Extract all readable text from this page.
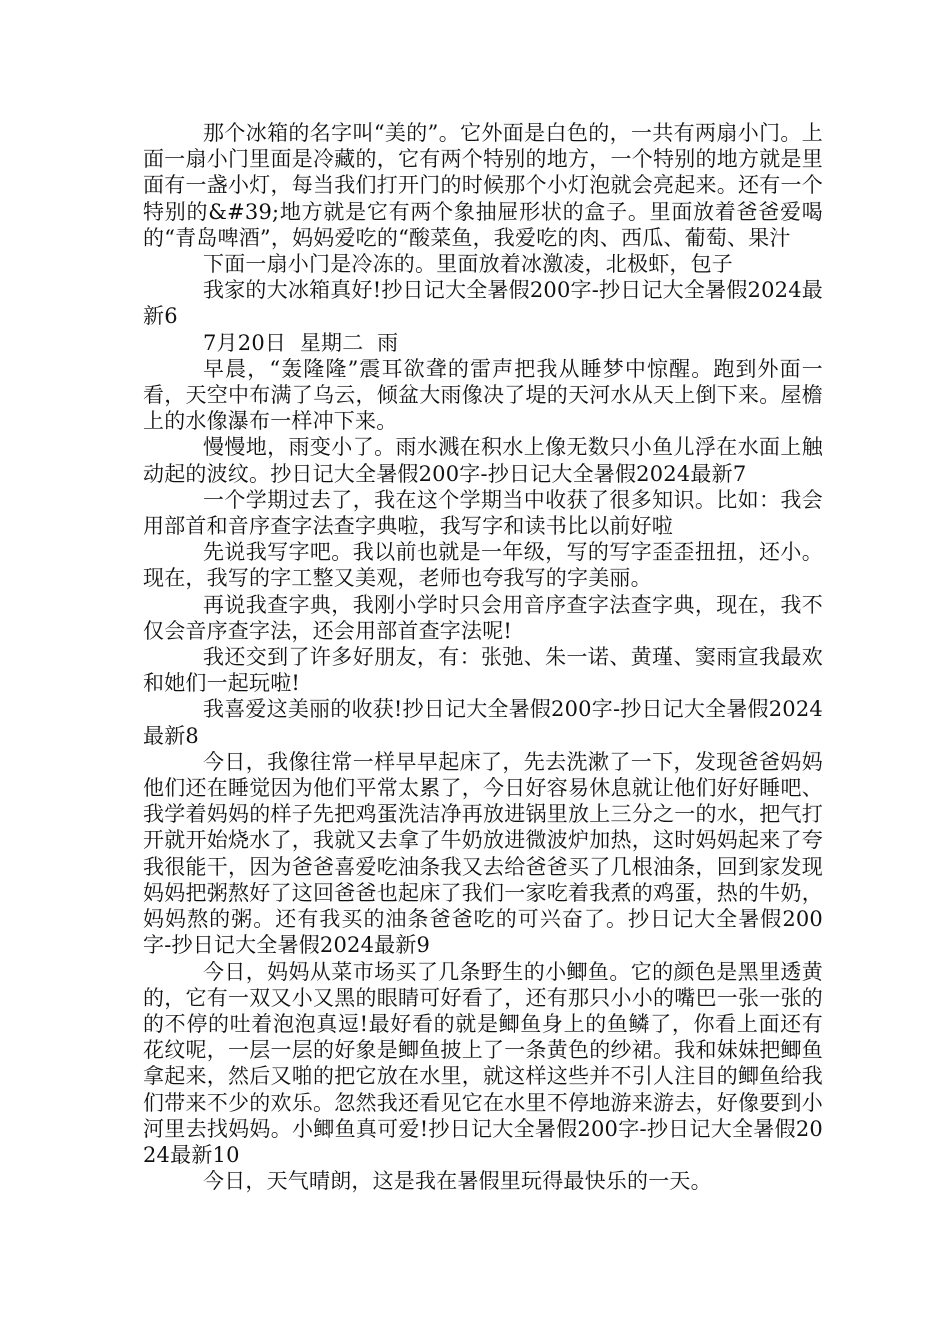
那个冰箱的名字叫“美的”。它外面是白色的，一共有两扇小门。上面一扇小门里面是冷藏的，它有两个特别的地方，一个特别的地方就是里面有一盏小灯，每当我们打开门的时候那个小灯泡就会亮起来。还有一个特别的&#39;地方就是它有两个象抽屉形状的盒子。里面放着爸爸爱喝的“青岛啤酒”，妈妈爱吃的“酸菜鱼，我爱吃的肉、西瓜、葡萄、果汁

下面一扇小门是冷冻的。里面放着冰激凌，北极虾，包子

我家的大冰箱真好!抄日记大全暑假200字-抄日记大全暑假2024最新6

7月20日  星期二  雨

早晨，“轰隆隆”震耳欲聋的雷声把我从睡梦中惊醒。跑到外面一看，天空中布满了乌云，倾盆大雨像决了堤的天河水从天上倒下来。屋檐上的水像瀑布一样冲下来。

慢慢地，雨变小了。雨水溅在积水上像无数只小鱼儿浮在水面上触动起的波纹。抄日记大全暑假200字-抄日记大全暑假2024最新7

一个学期过去了，我在这个学期当中收获了很多知识。比如：我会用部首和音序查字法查字典啦，我写字和读书比以前好啦

先说我写字吧。我以前也就是一年级，写的写字歪歪扭扭，还小。现在，我写的字工整又美观，老师也夸我写的字美丽。

再说我查字典，我刚小学时只会用音序查字法查字典，现在，我不仅会音序查字法，还会用部首查字法呢!

我还交到了许多好朋友，有：张弛、朱一诺、黄瑾、窦雨宣我最欢和她们一起玩啦!

我喜爱这美丽的收获!抄日记大全暑假200字-抄日记大全暑假2024最新8

今日，我像往常一样早早起床了，先去洗漱了一下，发现爸爸妈妈他们还在睡觉因为他们平常太累了，今日好容易休息就让他们好好睡吧、我学着妈妈的样子先把鸡蛋洗洁净再放进锅里放上三分之一的水，把气打开就开始烧水了，我就又去拿了牛奶放进微波炉加热，这时妈妈起来了夸我很能干，因为爸爸喜爱吃油条我又去给爸爸买了几根油条，回到家发现妈妈把粥熬好了这回爸爸也起床了我们一家吃着我煮的鸡蛋，热的牛奶，妈妈熬的粥。还有我买的油条爸爸吃的可兴奋了。抄日记大全暑假200字-抄日记大全暑假2024最新9

今日，妈妈从菜市场买了几条野生的小鲫鱼。它的颜色是黑里透黄的，它有一双又小又黑的眼睛可好看了，还有那只小小的嘴巴一张一张的的不停的吐着泡泡真逗!最好看的就是鲫鱼身上的鱼鳞了，你看上面还有花纹呢，一层一层的好象是鲫鱼披上了一条黄色的纱裙。我和妹妹把鲫鱼拿起来，然后又啪的把它放在水里，就这样这些并不引人注目的鲫鱼给我们带来不少的欢乐。忽然我还看见它在水里不停地游来游去，好像要到小河里去找妈妈。小鲫鱼真可爱!抄日记大全暑假200字-抄日记大全暑假2024最新10

今日，天气晴朗，这是我在暑假里玩得最快乐的一天。
